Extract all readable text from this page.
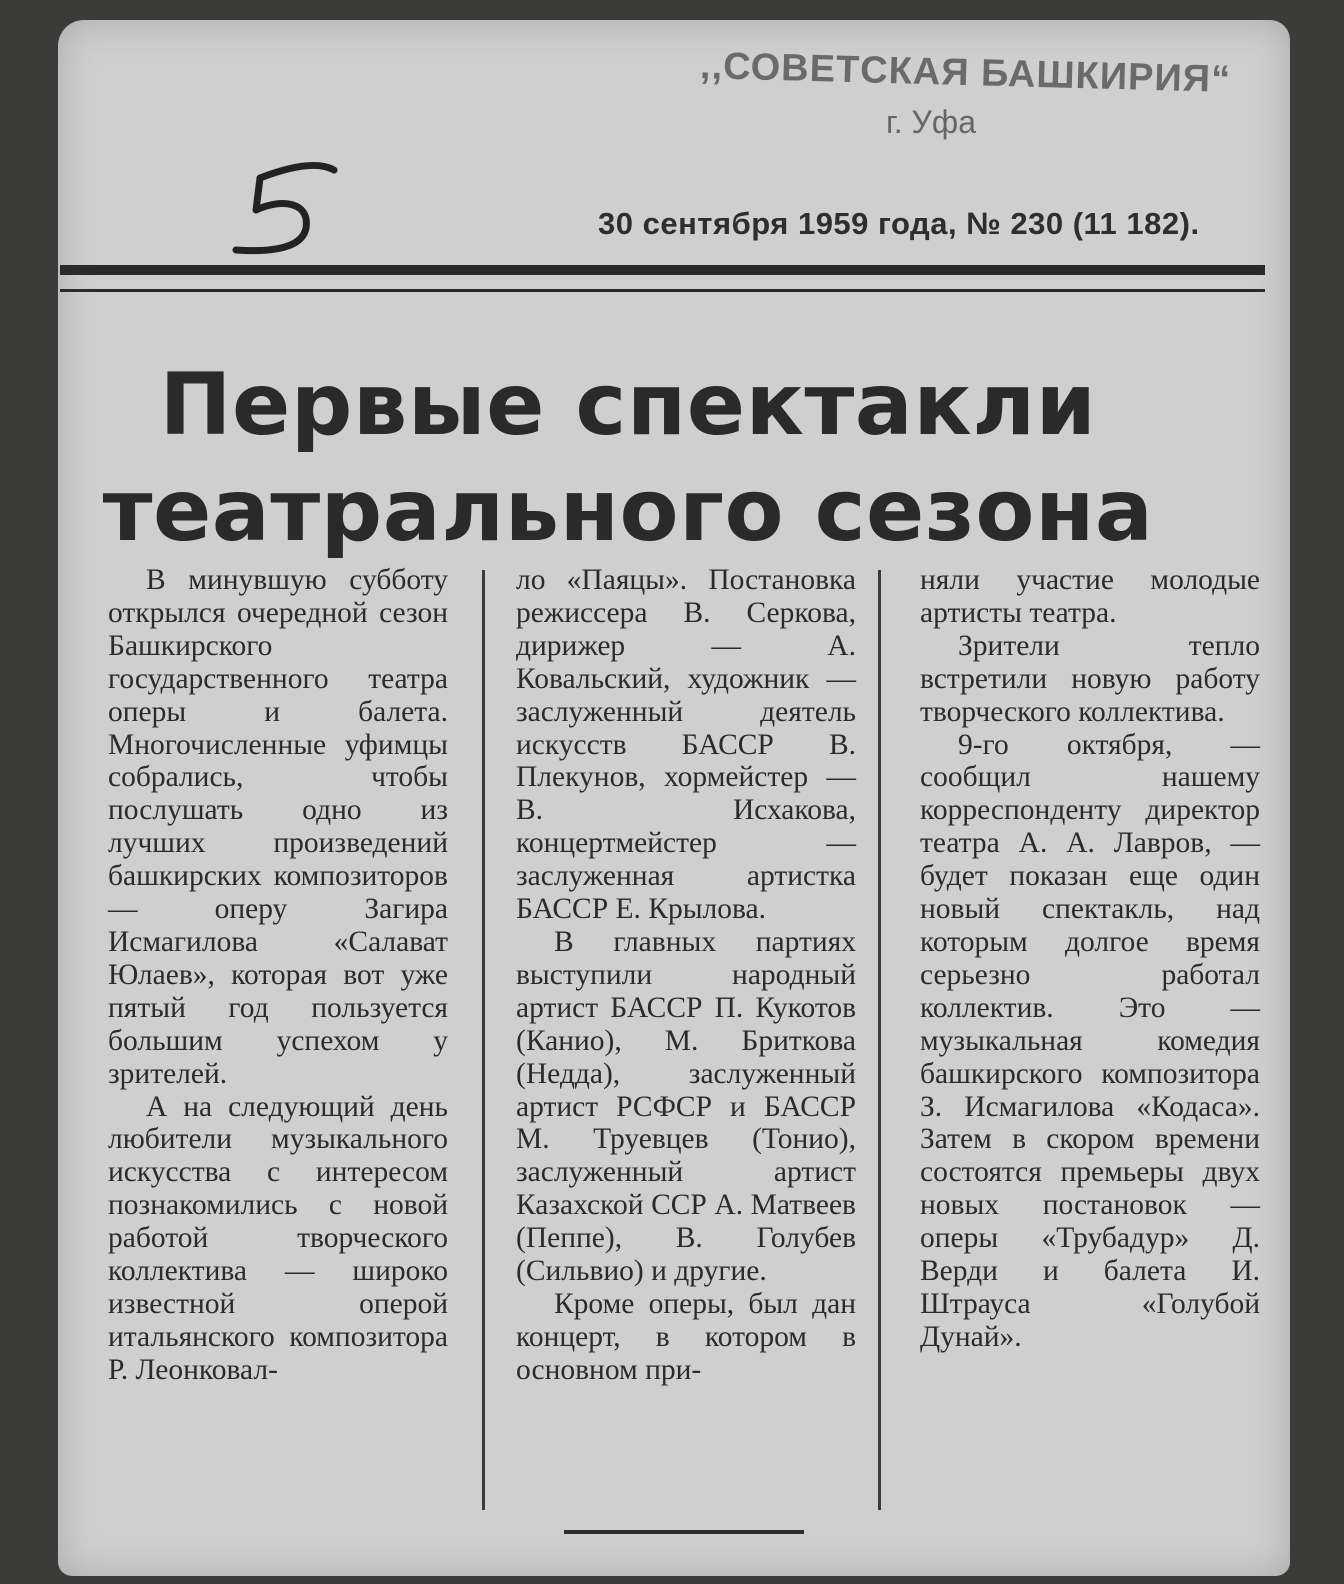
,,СОВЕТСКАЯ БАШКИРИЯ“
г. Уфа
30 сентября 1959 года, № 230 (11 182).
Первые спектакли
театрального сезона

В минувшую субботу открылся очередной сезон Башкирского государственного театра оперы и балета. Многочисленные уфимцы собрались, чтобы послушать одно из лучших произведений башкирских композиторов — оперу Загира Исмагилова «Салават Юлаев», которая вот уже пятый год пользуется большим успехом у зрителей.

А на следующий день любители музыкального искусства с интересом познакомились с новой работой творческого коллектива — широко известной оперой итальянского композитора Р. Леонковал-

ло «Паяцы». Постановка режиссера В. Серкова, дирижер — А. Ковальский, художник — заслуженный деятель искусств БАССР В. Плекунов, хормейстер — В. Исхакова, концертмейстер — заслуженная артистка БАССР Е. Крылова.

В главных партиях выступили народный артист БАССР П. Кукотов (Канио), М. Бриткова (Недда), заслуженный артист РСФСР и БАССР М. Труевцев (Тонио), заслуженный артист Казахской ССР А. Матвеев (Пеппе), В. Голубев (Сильвио) и другие.

Кроме оперы, был дан концерт, в котором в основном при-

няли участие молодые артисты театра.

Зрители тепло встретили новую работу творческого коллектива.

9-го октября, — сообщил нашему корреспонденту директор театра А. А. Лавров, —будет показан еще один новый спектакль, над которым долгое время серьезно работал коллектив. Это — музыкальная комедия башкирского композитора З. Исмагилова «Кодаса». Затем в скором времени состоятся премьеры двух новых постановок — оперы «Трубадур» Д. Верди и балета И. Штрауса «Голубой Дунай».
